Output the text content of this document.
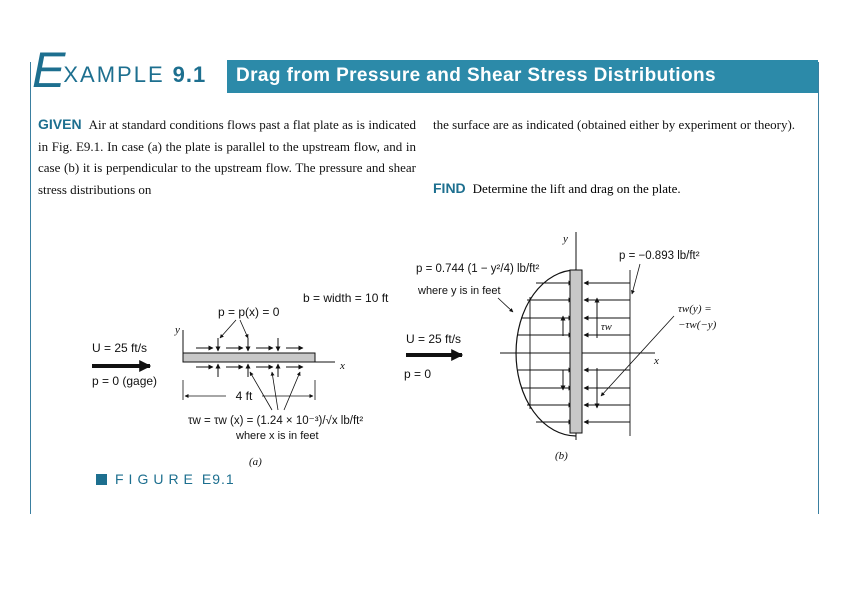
EXAMPLE 9.1 Drag from Pressure and Shear Stress Distributions
GIVEN Air at standard conditions flows past a flat plate as is indicated in Fig. E9.1. In case (a) the plate is parallel to the upstream flow, and in case (b) it is perpendicular to the upstream flow. The pressure and shear stress distributions on
the surface are as indicated (obtained either by experiment or theory).
FIND Determine the lift and drag on the plate.
U = 25 ft/s
p = 0 (gage)
y
x
p = p(x) = 0
b = width = 10 ft
4 ft
τw = τw (x) = (1.24 × 10⁻³)/√x lb/ft²
where x is in feet
(a)
U = 25 ft/s
p = 0
y
x
τw
p = 0.744 (1 − y²/4) lb/ft²
where y is in feet
p = −0.893 lb/ft²
τw(y) =
−τw(−y)
(b)
FIGURE E9.1
